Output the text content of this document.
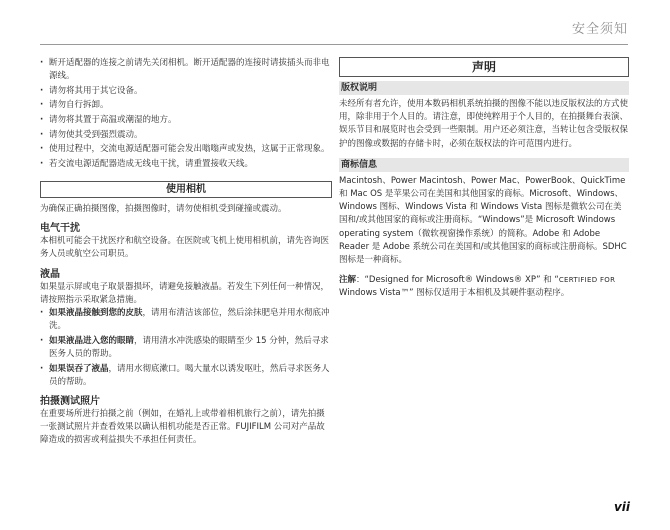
安全须知
· 断开适配器的连接之前请先关闭相机。断开适配器的连接时请拔插头而非电源线。
· 请勿将其用于其它设备。
· 请勿自行拆卸。
· 请勿将其置于高温或潮湿的地方。
· 请勿使其受到强烈震动。
· 使用过程中，交流电源适配器可能会发出嗡嗡声或发热，这属于正常现象。
· 若交流电源适配器造成无线电干扰，请重置接收天线。
使用相机

为确保正确拍摄图像，拍摄图像时，请勿使相机受到碰撞或震动。

电气干扰

本相机可能会干扰医疗和航空设备。在医院或飞机上使用相机前，请先咨询医务人员或航空公司职员。

液晶

如果显示屏或电子取景器损坏，请避免接触液晶。若发生下列任何一种情况，请按照指示采取紧急措施。

· 如果液晶接触到您的皮肤，请用布清洁该部位，然后涂抹肥皂并用水彻底冲洗。
· 如果液晶进入您的眼睛，请用清水冲洗感染的眼睛至少 15 分钟，然后寻求医务人员的帮助。
· 如果误吞了液晶，请用水彻底漱口。喝大量水以诱发呕吐，然后寻求医务人员的帮助。
拍摄测试照片

在重要场所进行拍摄之前（例如，在婚礼上或带着相机旅行之前），请先拍摄一张测试照片并查看效果以确认相机功能是否正常。FUJIFILM 公司对产品故障造成的损害或利益损失不承担任何责任。

声明
版权说明

未经所有者允许，使用本数码相机系统拍摄的图像不能以违反版权法的方式使用，除非用于个人目的。请注意，即使纯粹用于个人目的，在拍摄舞台表演、娱乐节目和展览时也会受到一些限制。用户还必须注意，当转让包含受版权保护的图像或数据的存储卡时，必须在版权法的许可范围内进行。

商标信息

Macintosh、Power Macintosh、Power Mac、PowerBook、QuickTime 和 Mac OS 是苹果公司在美国和其他国家的商标。Microsoft、Windows、Windows 图标、Windows Vista 和 Windows Vista 图标是微软公司在美国和/或其他国家的商标或注册商标。“Windows”是 Microsoft Windows operating system（微软视窗操作系统）的简称。Adobe 和 Adobe Reader 是 Adobe 系统公司在美国和/或其他国家的商标或注册商标。SDHC 图标是一种商标。

注解：“Designed for Microsoft® Windows® XP” 和 “CERTIFIED FOR Windows Vista™” 图标仅适用于本相机及其硬件驱动程序。

vii
